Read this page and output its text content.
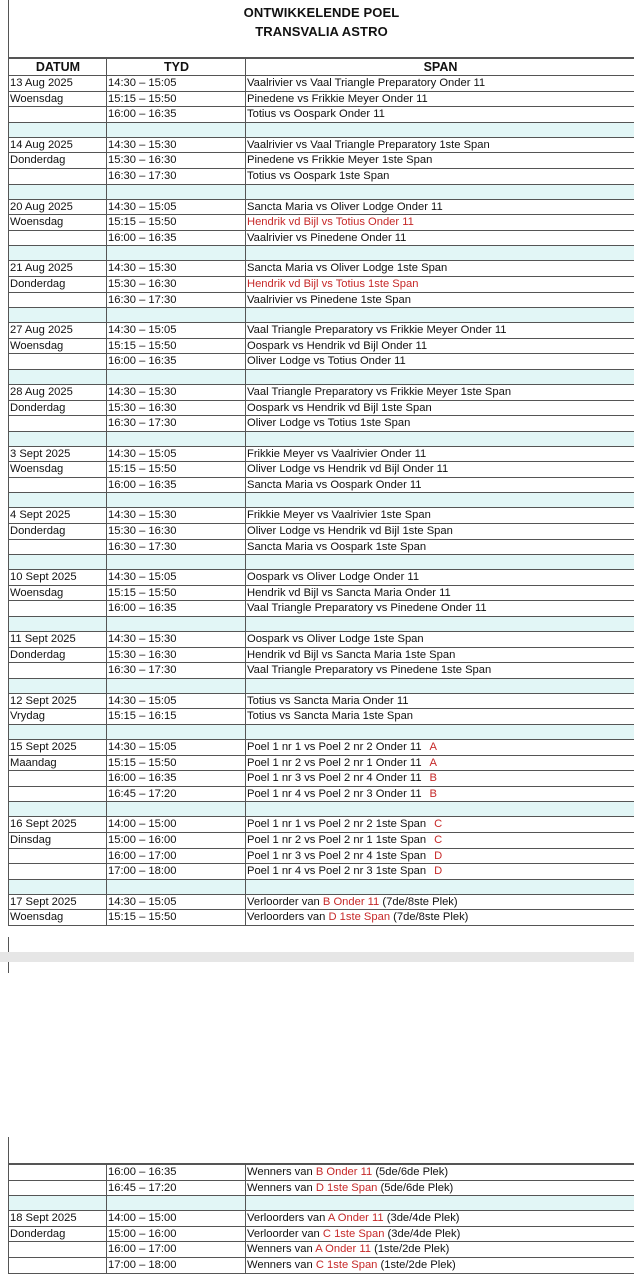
ONTWIKKELENDE POEL
TRANSVALIA ASTRO
DATUM	TYD	SPAN
13 Aug 2025	14:30 – 15:05	Vaalrivier vs Vaal Triangle Preparatory Onder 11
Woensdag	15:15 – 15:50	Pinedene vs Frikkie Meyer Onder 11
	16:00 – 16:35	Totius vs Oospark Onder 11

14 Aug 2025	14:30 – 15:30	Vaalrivier vs Vaal Triangle Preparatory 1ste Span
Donderdag	15:30 – 16:30	Pinedene vs Frikkie Meyer 1ste Span
	16:30 – 17:30	Totius vs Oospark 1ste Span

20 Aug 2025	14:30 – 15:05	Sancta Maria vs Oliver Lodge Onder 11
Woensdag	15:15 – 15:50	Hendrik vd Bijl vs Totius Onder 11
	16:00 – 16:35	Vaalrivier vs Pinedene Onder 11

21 Aug 2025	14:30 – 15:30	Sancta Maria vs Oliver Lodge 1ste Span
Donderdag	15:30 – 16:30	Hendrik vd Bijl vs Totius 1ste Span
	16:30 – 17:30	Vaalrivier vs Pinedene 1ste Span

27 Aug 2025	14:30 – 15:05	Vaal Triangle Preparatory vs Frikkie Meyer Onder 11
Woensdag	15:15 – 15:50	Oospark vs Hendrik vd Bijl Onder 11
	16:00 – 16:35	Oliver Lodge vs Totius Onder 11

28 Aug 2025	14:30 – 15:30	Vaal Triangle Preparatory vs Frikkie Meyer 1ste Span
Donderdag	15:30 – 16:30	Oospark vs Hendrik vd Bijl 1ste Span
	16:30 – 17:30	Oliver Lodge vs Totius 1ste Span

3 Sept 2025	14:30 – 15:05	Frikkie Meyer vs Vaalrivier Onder 11
Woensdag	15:15 – 15:50	Oliver Lodge vs Hendrik vd Bijl Onder 11
	16:00 – 16:35	Sancta Maria vs Oospark Onder 11

4 Sept 2025	14:30 – 15:30	Frikkie Meyer vs Vaalrivier 1ste Span
Donderdag	15:30 – 16:30	Oliver Lodge vs Hendrik vd Bijl 1ste Span
	16:30 – 17:30	Sancta Maria vs Oospark 1ste Span

10 Sept 2025	14:30 – 15:05	Oospark vs Oliver Lodge Onder 11
Woensdag	15:15 – 15:50	Hendrik vd Bijl vs Sancta Maria Onder 11
	16:00 – 16:35	Vaal Triangle Preparatory vs Pinedene Onder 11

11 Sept 2025	14:30 – 15:30	Oospark vs Oliver Lodge 1ste Span
Donderdag	15:30 – 16:30	Hendrik vd Bijl vs Sancta Maria 1ste Span
	16:30 – 17:30	Vaal Triangle Preparatory vs Pinedene 1ste Span

12 Sept 2025	14:30 – 15:05	Totius vs Sancta Maria Onder 11
Vrydag	15:15 – 16:15	Totius vs Sancta Maria 1ste Span

15 Sept 2025	14:30 – 15:05	Poel 1 nr 1 vs Poel 2 nr 2 Onder 11 A
Maandag	15:15 – 15:50	Poel 1 nr 2 vs Poel 2 nr 1 Onder 11 A
	16:00 – 16:35	Poel 1 nr 3 vs Poel 2 nr 4 Onder 11 B
	16:45 – 17:20	Poel 1 nr 4 vs Poel 2 nr 3 Onder 11 B

16 Sept 2025	14:00 – 15:00	Poel 1 nr 1 vs Poel 2 nr 2 1ste Span C
Dinsdag	15:00 – 16:00	Poel 1 nr 2 vs Poel 2 nr 1 1ste Span C
	16:00 – 17:00	Poel 1 nr 3 vs Poel 2 nr 4 1ste Span D
	17:00 – 18:00	Poel 1 nr 4 vs Poel 2 nr 3 1ste Span D

17 Sept 2025	14:30 – 15:05	Verloorder van B Onder 11 (7de/8ste Plek)
Woensdag	15:15 – 15:50	Verloorders van D 1ste Span (7de/8ste Plek)
	16:00 – 16:35	Wenners van B Onder 11 (5de/6de Plek)
	16:45 – 17:20	Wenners van D 1ste Span (5de/6de Plek)

18 Sept 2025	14:00 – 15:00	Verloorders van A Onder 11 (3de/4de Plek)
Donderdag	15:00 – 16:00	Verloorder van C 1ste Span (3de/4de Plek)
	16:00 – 17:00	Wenners van A Onder 11 (1ste/2de Plek)
	17:00 – 18:00	Wenners van C 1ste Span (1ste/2de Plek)
